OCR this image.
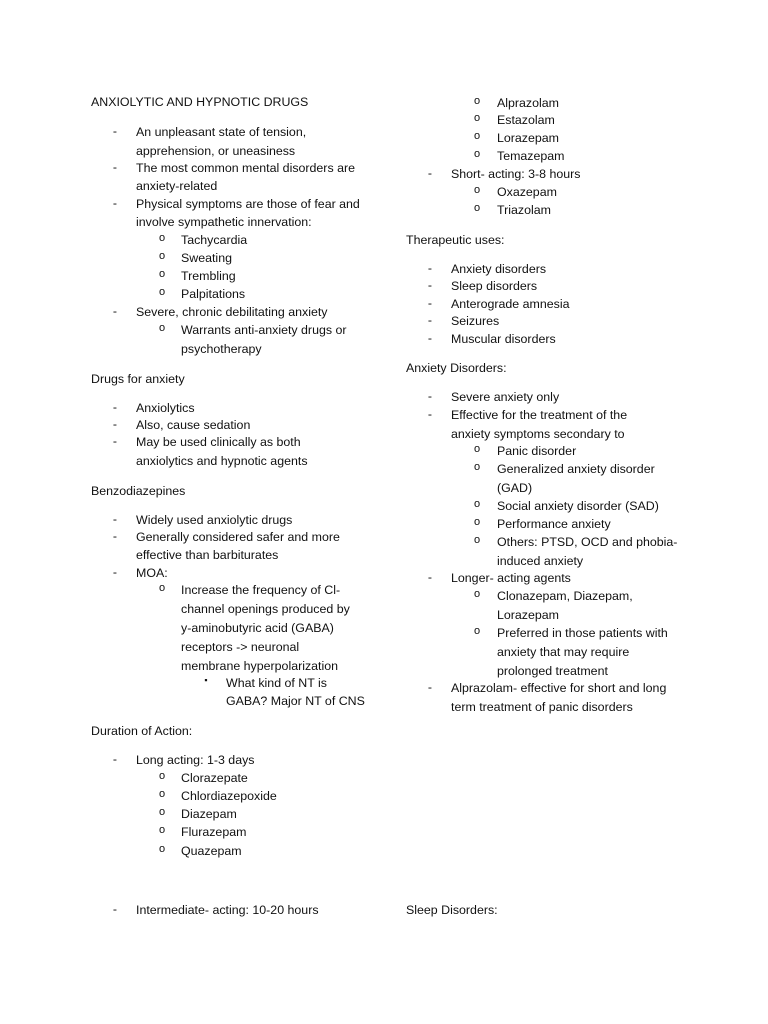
ANXIOLYTIC AND HYPNOTIC DRUGS
- An unpleasant state of tension,
apprehension, or uneasiness
- The most common mental disorders are
anxiety-related
- Physical symptoms are those of fear and
involve sympathetic innervation:
o Tachycardia
o Sweating
o Trembling
o Palpitations
- Severe, chronic debilitating anxiety
o Warrants anti-anxiety drugs or
psychotherapy
Drugs for anxiety
- Anxiolytics
- Also, cause sedation
- May be used clinically as both
anxiolytics and hypnotic agents
Benzodiazepines
- Widely used anxiolytic drugs
- Generally considered safer and more
effective than barbiturates
- MOA:
o Increase the frequency of Cl-
channel openings produced by
y-aminobutyric acid (GABA)
receptors -> neuronal
membrane hyperpolarization
▪ What kind of NT is
GABA? Major NT of CNS
Duration of Action:
- Long acting: 1-3 days
o Clorazepate
o Chlordiazepoxide
o Diazepam
o Flurazepam
o Quazepam
- Intermediate- acting: 10-20 hours
o Alprazolam
o Estazolam
o Lorazepam
o Temazepam
- Short- acting: 3-8 hours
o Oxazepam
o Triazolam
Therapeutic uses:
- Anxiety disorders
- Sleep disorders
- Anterograde amnesia
- Seizures
- Muscular disorders
Anxiety Disorders:
- Severe anxiety only
- Effective for the treatment of the
anxiety symptoms secondary to
o Panic disorder
o Generalized anxiety disorder
(GAD)
o Social anxiety disorder (SAD)
o Performance anxiety
o Others: PTSD, OCD and phobia-
induced anxiety
- Longer- acting agents
o Clonazepam, Diazepam,
Lorazepam
o Preferred in those patients with
anxiety that may require
prolonged treatment
- Alprazolam- effective for short and long
term treatment of panic disorders
Sleep Disorders:
